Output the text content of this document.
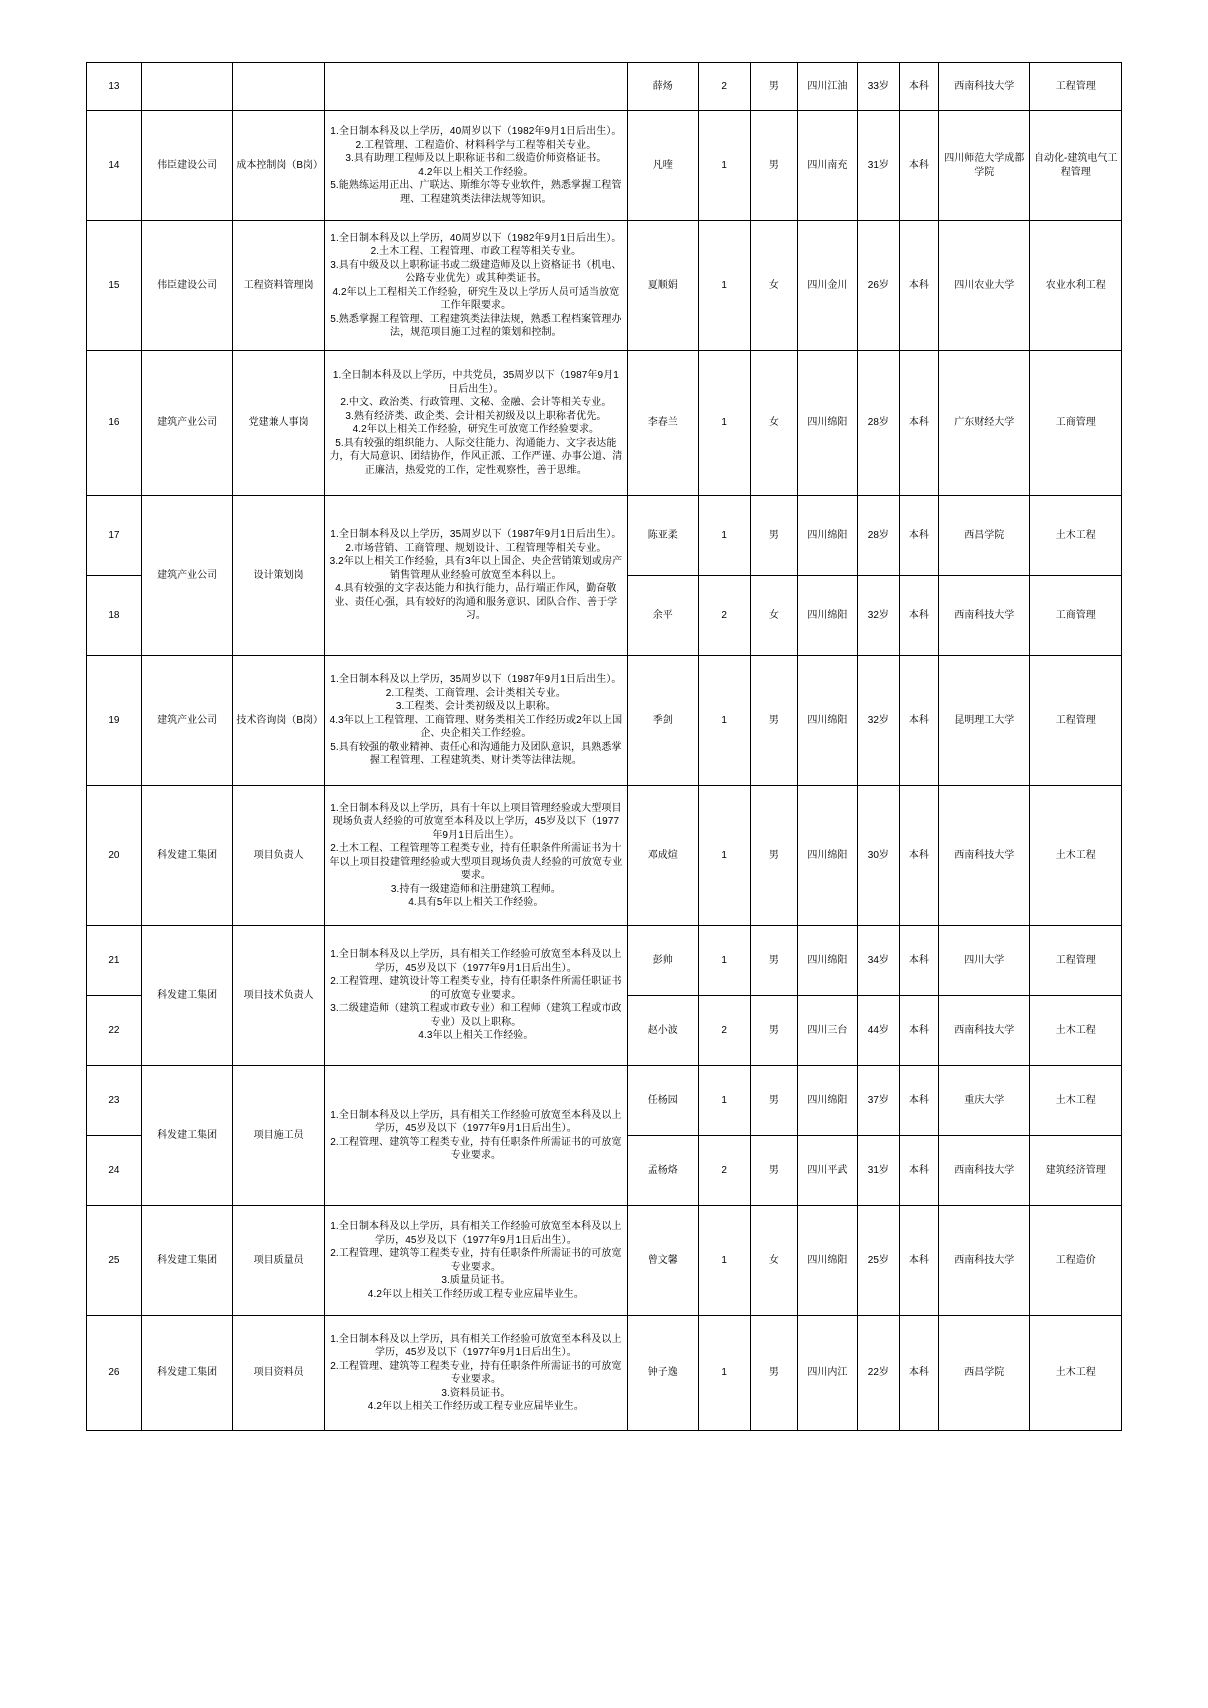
13				薛炀	2	男	四川江油	33岁	本科	西南科技大学	工程管理
14	伟臣建设公司	成本控制岗（B岗）	1.全日制本科及以上学历，40周岁以下（1982年9月1日后出生）。
2.工程管理、工程造价、材料科学与工程等相关专业。
3.具有助理工程师及以上职称证书和二级造价师资格证书。
4.2年以上相关工作经验。
5.能熟练运用正出、广联达、斯维尔等专业软件，熟悉掌握工程管理、工程建筑类法律法规等知识。	凡喹	1	男	四川南充	31岁	本科	四川师范大学成都学院	自动化-建筑电气工程管理
15	伟臣建设公司	工程资料管理岗	1.全日制本科及以上学历，40周岁以下（1982年9月1日后出生）。
2.土木工程、工程管理、市政工程等相关专业。
3.具有中级及以上职称证书或二级建造师及以上资格证书（机电、公路专业优先）或其种类证书。
4.2年以上工程相关工作经验，研究生及以上学历人员可适当放宽工作年限要求。
5.熟悉掌握工程管理、工程建筑类法律法规，熟悉工程档案管理办法，规范项目施工过程的策划和控制。	夏顺娟	1	女	四川金川	26岁	本科	四川农业大学	农业水利工程
16	建筑产业公司	党建兼人事岗	1.全日制本科及以上学历，中共党员，35周岁以下（1987年9月1日后出生）。
2.中文、政治类、行政管理、文秘、金融、会计等相关专业。
3.熟有经济类、政企类、会计相关初级及以上职称者优先。
4.2年以上相关工作经验，研究生可放宽工作经验要求。
5.具有较强的组织能力、人际交往能力、沟通能力、文字表达能力，有大局意识、团结协作，作风正派、工作严谨、办事公道、清正廉洁，热爱党的工作，定性观察性，善于思维。	李春兰	1	女	四川绵阳	28岁	本科	广东财经大学	工商管理
17	建筑产业公司	设计策划岗	1.全日制本科及以上学历，35周岁以下（1987年9月1日后出生）。
2.市场营销、工商管理、规划设计、工程管理等相关专业。
3.2年以上相关工作经验，具有3年以上国企、央企营销策划或房产销售管理从业经验可放宽至本科以上。
4.具有较强的文字表达能力和执行能力，品行端正作风，勤奋敬业、责任心强，具有较好的沟通和服务意识、团队合作、善于学习。	陈亚柔	1	男	四川绵阳	28岁	本科	西昌学院	土木工程
18				余平	2	女	四川绵阳	32岁	本科	西南科技大学	工商管理
19	建筑产业公司	技术咨询岗（B岗）	1.全日制本科及以上学历，35周岁以下（1987年9月1日后出生）。
2.工程类、工商管理、会计类相关专业。
3.工程类、会计类初级及以上职称。
4.3年以上工程管理、工商管理、财务类相关工作经历或2年以上国企、央企相关工作经验。
5.具有较强的敬业精神、责任心和沟通能力及团队意识，具熟悉掌握工程管理、工程建筑类、财计类等法律法规。	季剑	1	男	四川绵阳	32岁	本科	昆明理工大学	工程管理
20	科发建工集团	项目负责人	1.全日制本科及以上学历，具有十年以上项目管理经验或大型项目现场负责人经验的可放宽至本科及以上学历，45岁及以下（1977年9月1日后出生）。
2.土木工程、工程管理等工程类专业，持有任职条件所需证书为十年以上项目投建管理经验或大型项目现场负责人经验的可放宽专业要求。
3.持有一级建造师和注册建筑工程师。
4.具有5年以上相关工作经验。	邓成煊	1	男	四川绵阳	30岁	本科	西南科技大学	土木工程
21	科发建工集团	项目技术负责人	1.全日制本科及以上学历，具有相关工作经验可放宽至本科及以上学历，45岁及以下（1977年9月1日后出生）。
2.工程管理、建筑设计等工程类专业，持有任职条件所需任职证书的可放宽专业要求。
3.二级建造师（建筑工程或市政专业）和工程师（建筑工程或市政专业）及以上职称。
4.3年以上相关工作经验。	彭帅	1	男	四川绵阳	34岁	本科	四川大学	工程管理
22				赵小波	2	男	四川三台	44岁	本科	西南科技大学	土木工程
23	科发建工集团	项目施工员	1.全日制本科及以上学历，具有相关工作经验可放宽至本科及以上学历，45岁及以下（1977年9月1日后出生）。
2.工程管理、建筑等工程类专业，持有任职条件所需证书的可放宽专业要求。	任杨园	1	男	四川绵阳	37岁	本科	重庆大学	土木工程
24				孟杨烙	2	男	四川平武	31岁	本科	西南科技大学	建筑经济管理
25	科发建工集团	项目质量员	1.全日制本科及以上学历，具有相关工作经验可放宽至本科及以上学历，45岁及以下（1977年9月1日后出生）。
2.工程管理、建筑等工程类专业，持有任职条件所需证书的可放宽专业要求。
3.质量员证书。
4.2年以上相关工作经历或工程专业应届毕业生。	曾文馨	1	女	四川绵阳	25岁	本科	西南科技大学	工程造价
26	科发建工集团	项目资料员	1.全日制本科及以上学历，具有相关工作经验可放宽至本科及以上学历，45岁及以下（1977年9月1日后出生）。
2.工程管理、建筑等工程类专业，持有任职条件所需证书的可放宽专业要求。
3.资料员证书。
4.2年以上相关工作经历或工程专业应届毕业生。	钟子逸	1	男	四川内江	22岁	本科	西昌学院	土木工程
